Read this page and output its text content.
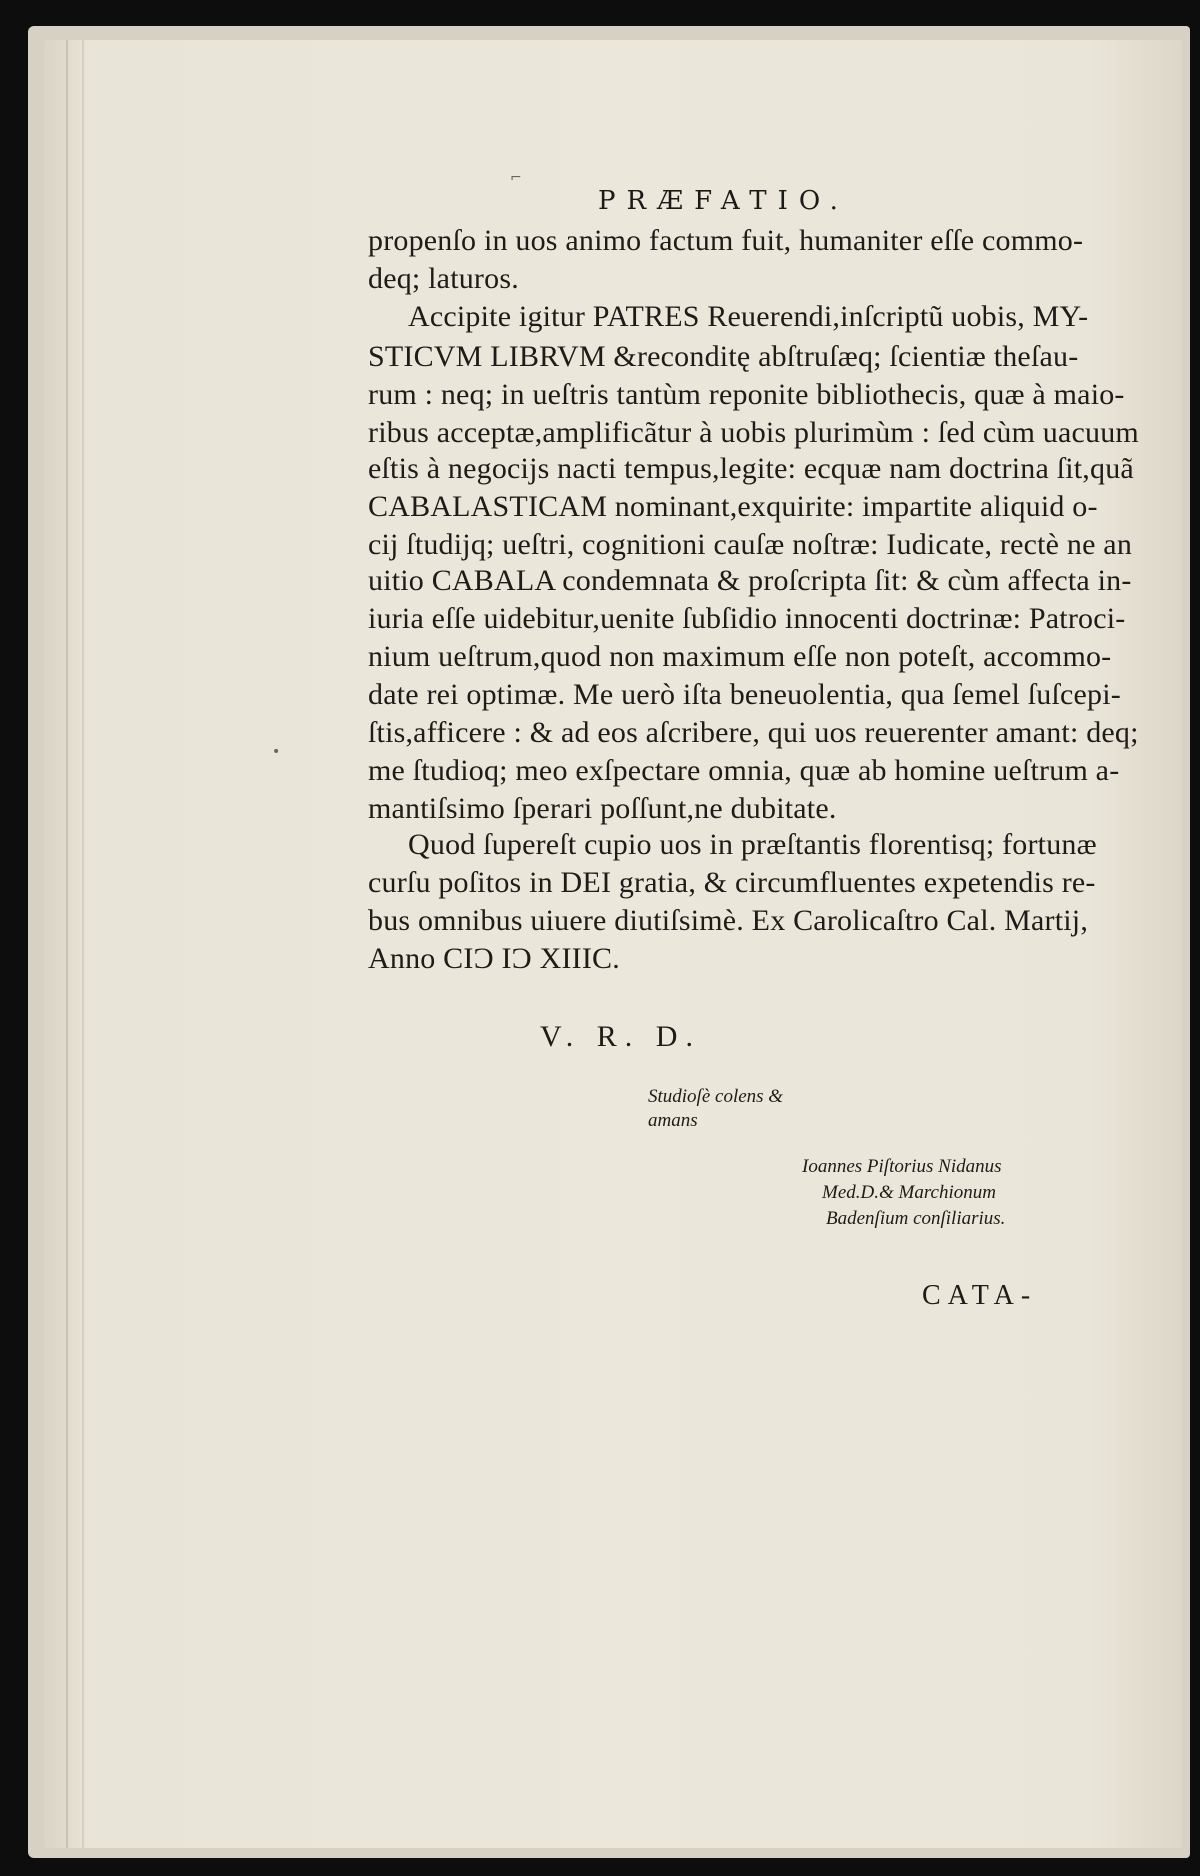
⌐
•
PRÆFATIO.
propenſo in uos animo factum fuit, humaniter eſſe commo-
deq; laturos.
Accipite igitur PATRES Reuerendi,inſcriptũ uobis, MY-
STICVM LIBRVM &reconditę abſtruſæq; ſcientiæ theſau-
rum : neq; in ueſtris tantùm reponite bibliothecis, quæ à maio-
ribus acceptæ,amplificãtur à uobis plurimùm : ſed cùm uacuum
eſtis à negocijs nacti tempus,legite: ecquæ nam doctrina ſit,quã
CABALASTICAM nominant,exquirite: impartite aliquid o-
cij ſtudijq; ueſtri, cognitioni cauſæ noſtræ: Iudicate, rectè ne an
uitio CABALA condemnata & proſcripta ſit: & cùm affecta in-
iuria eſſe uidebitur,uenite ſubſidio innocenti doctrinæ: Patroci-
nium ueſtrum,quod non maximum eſſe non poteſt, accommo-
date rei optimæ. Me uerò iſta beneuolentia, qua ſemel ſuſcepi-
ſtis,afficere : & ad eos aſcribere, qui uos reuerenter amant: deq;
me ſtudioq; meo exſpectare omnia, quæ ab homine ueſtrum a-
mantiſsimo ſperari poſſunt,ne dubitate.
Quod ſupereſt cupio uos in præſtantis florentisq; fortunæ
curſu poſitos in DEI gratia, & circumfluentes expetendis re-
bus omnibus uiuere diutiſsimè. Ex Carolicaſtro Cal. Martij,
Anno CIƆ IƆ XIIIC.
V. R. D.
Studioſè colens &
amans
Ioannes Piſtorius Nidanus
Med.D.& Marchionum
Badenſium conſiliarius.
CATA-
